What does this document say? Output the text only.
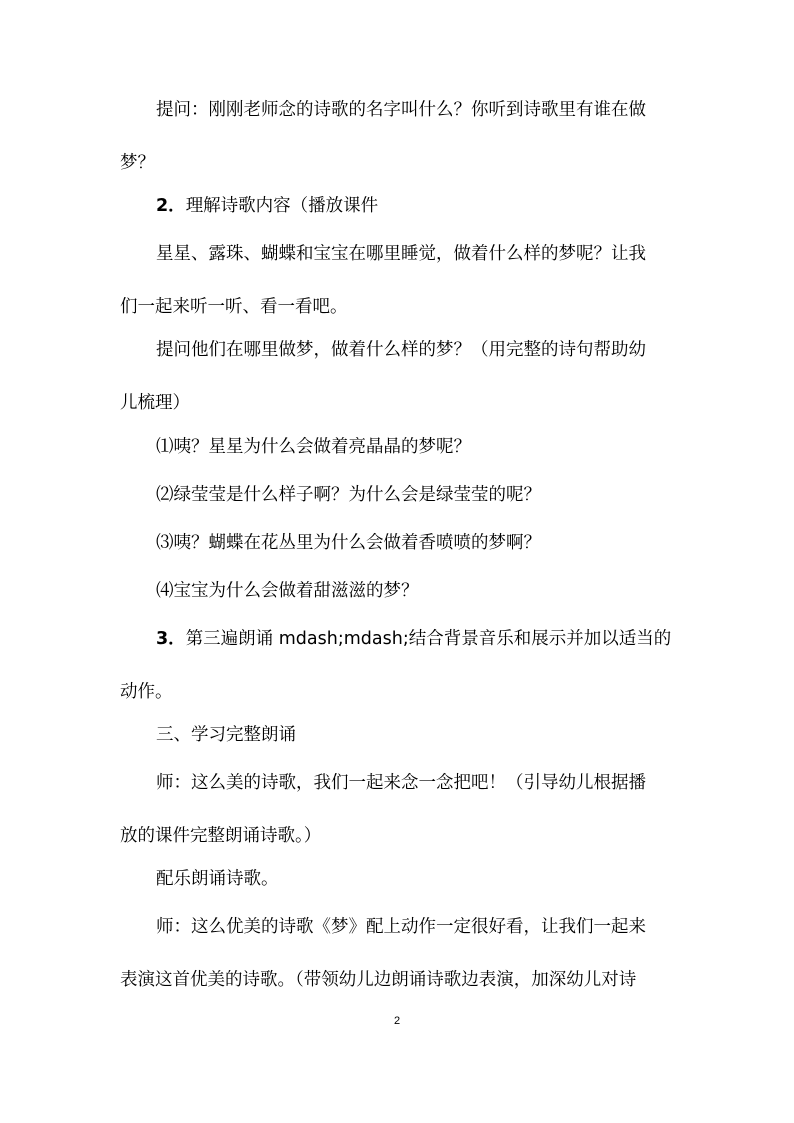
提问：刚刚老师念的诗歌的名字叫什么？你听到诗歌里有谁在做
梦？
2．理解诗歌内容（播放课件
星星、露珠、蝴蝶和宝宝在哪里睡觉，做着什么样的梦呢？让我
们一起来听一听、看一看吧。
提问他们在哪里做梦，做着什么样的梦？（用完整的诗句帮助幼
儿梳理）
⑴咦？星星为什么会做着亮晶晶的梦呢？
⑵绿莹莹是什么样子啊？为什么会是绿莹莹的呢？
⑶咦？蝴蝶在花丛里为什么会做着香喷喷的梦啊？
⑷宝宝为什么会做着甜滋滋的梦？
3．第三遍朗诵 mdash;mdash;结合背景音乐和展示并加以适当的
动作。
三、学习完整朗诵
师：这么美的诗歌，我们一起来念一念把吧！（引导幼儿根据播
放的课件完整朗诵诗歌。）
配乐朗诵诗歌。
师：这么优美的诗歌《梦》配上动作一定很好看，让我们一起来
表演这首优美的诗歌。（带领幼儿边朗诵诗歌边表演，加深幼儿对诗
2
